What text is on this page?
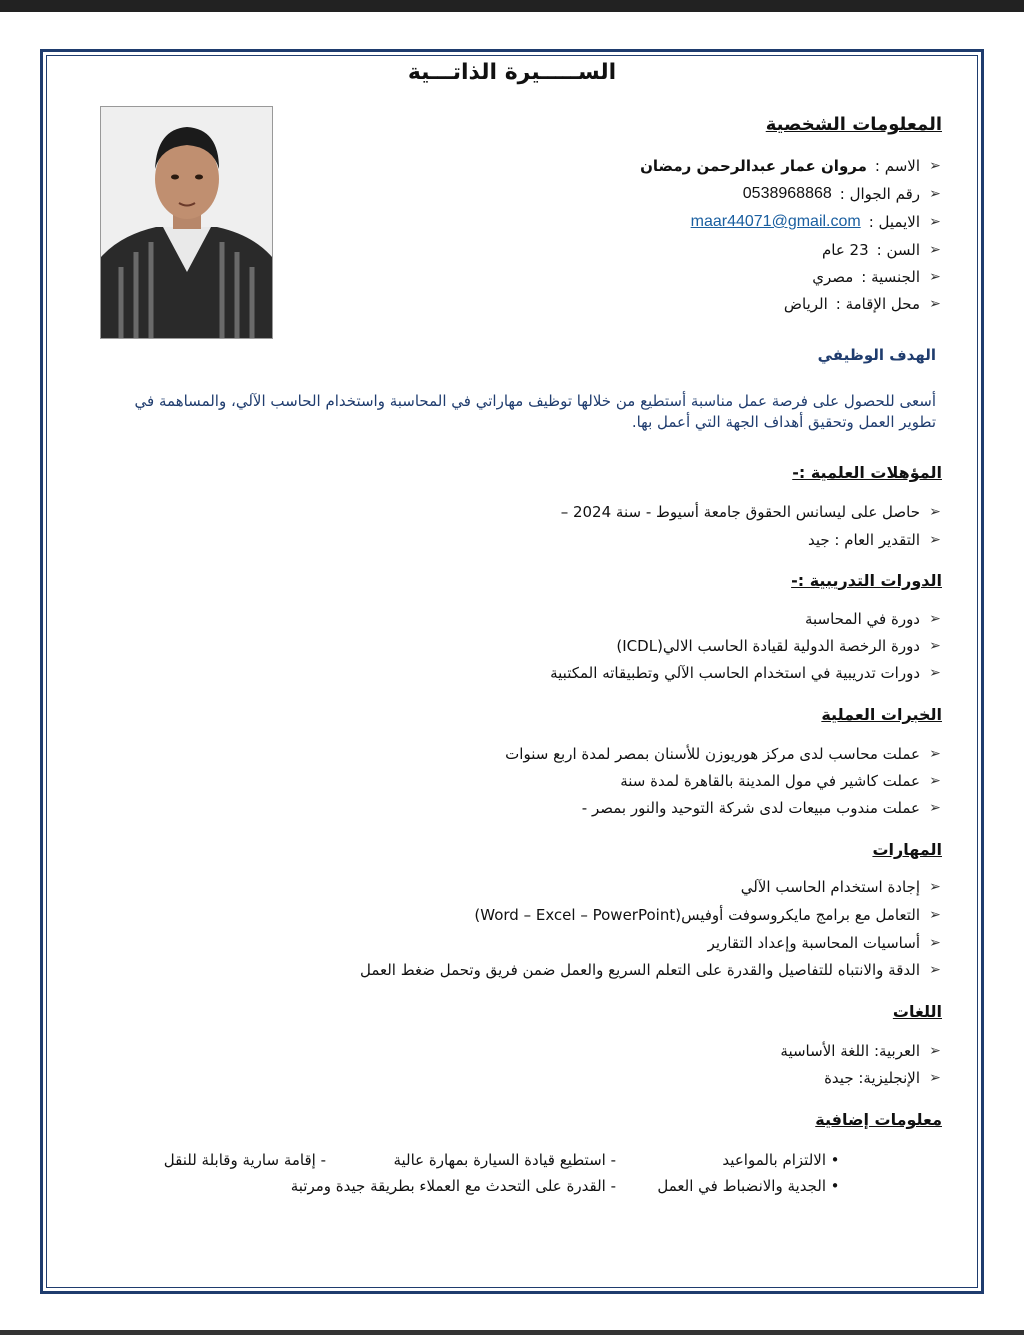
الســـــيرة الذاتـــية
المعلومات الشخصية
➢
الاسم :
مروان عمار عبدالرحمن رمضان
➢
رقم الجوال :
0538968868
➢
الايميل :
maar44071@gmail.com
➢
السن :
23 عام
➢
الجنسية :
مصري
➢
محل الإقامة :
الرياض
الهدف الوظيفي
أسعى للحصول على فرصة عمل مناسبة أستطيع من خلالها توظيف مهاراتي في المحاسبة واستخدام الحاسب الآلي، والمساهمة في تطوير العمل وتحقيق أهداف الجهة التي أعمل بها.
المؤهلات العلمية :-
➢
حاصل على ليسانس الحقوق جامعة أسيوط - سنة 2024 –
➢
التقدير العام : جيد
الدورات التدريبية :-
➢
دورة في المحاسبة
➢
دورة الرخصة الدولية لقيادة الحاسب الالي(ICDL)
➢
دورات تدريبية في استخدام الحاسب الآلي وتطبيقاته المكتبية
الخبرات العملية
➢
عملت محاسب لدى مركز هوريوزن للأسنان بمصر لمدة اربع سنوات
➢
عملت كاشير في مول المدينة بالقاهرة لمدة سنة
➢
عملت مندوب مبيعات لدى شركة التوحيد والنور بمصر -
المهارات
➢
إجادة استخدام الحاسب الآلي
➢
التعامل مع برامج مايكروسوفت أوفيس(Word – Excel – PowerPoint)
➢
أساسيات المحاسبة وإعداد التقارير
➢
الدقة والانتباه للتفاصيل والقدرة على التعلم السريع والعمل ضمن فريق وتحمل ضغط العمل
اللغات
➢
العربية: اللغة الأساسية
➢
الإنجليزية: جيدة
معلومات إضافية
•
الالتزام بالمواعيد
- استطيع قيادة السيارة بمهارة عالية
- إقامة سارية وقابلة للنقل
•
الجدية والانضباط في العمل
- القدرة على التحدث مع العملاء بطريقة جيدة ومرتبة
